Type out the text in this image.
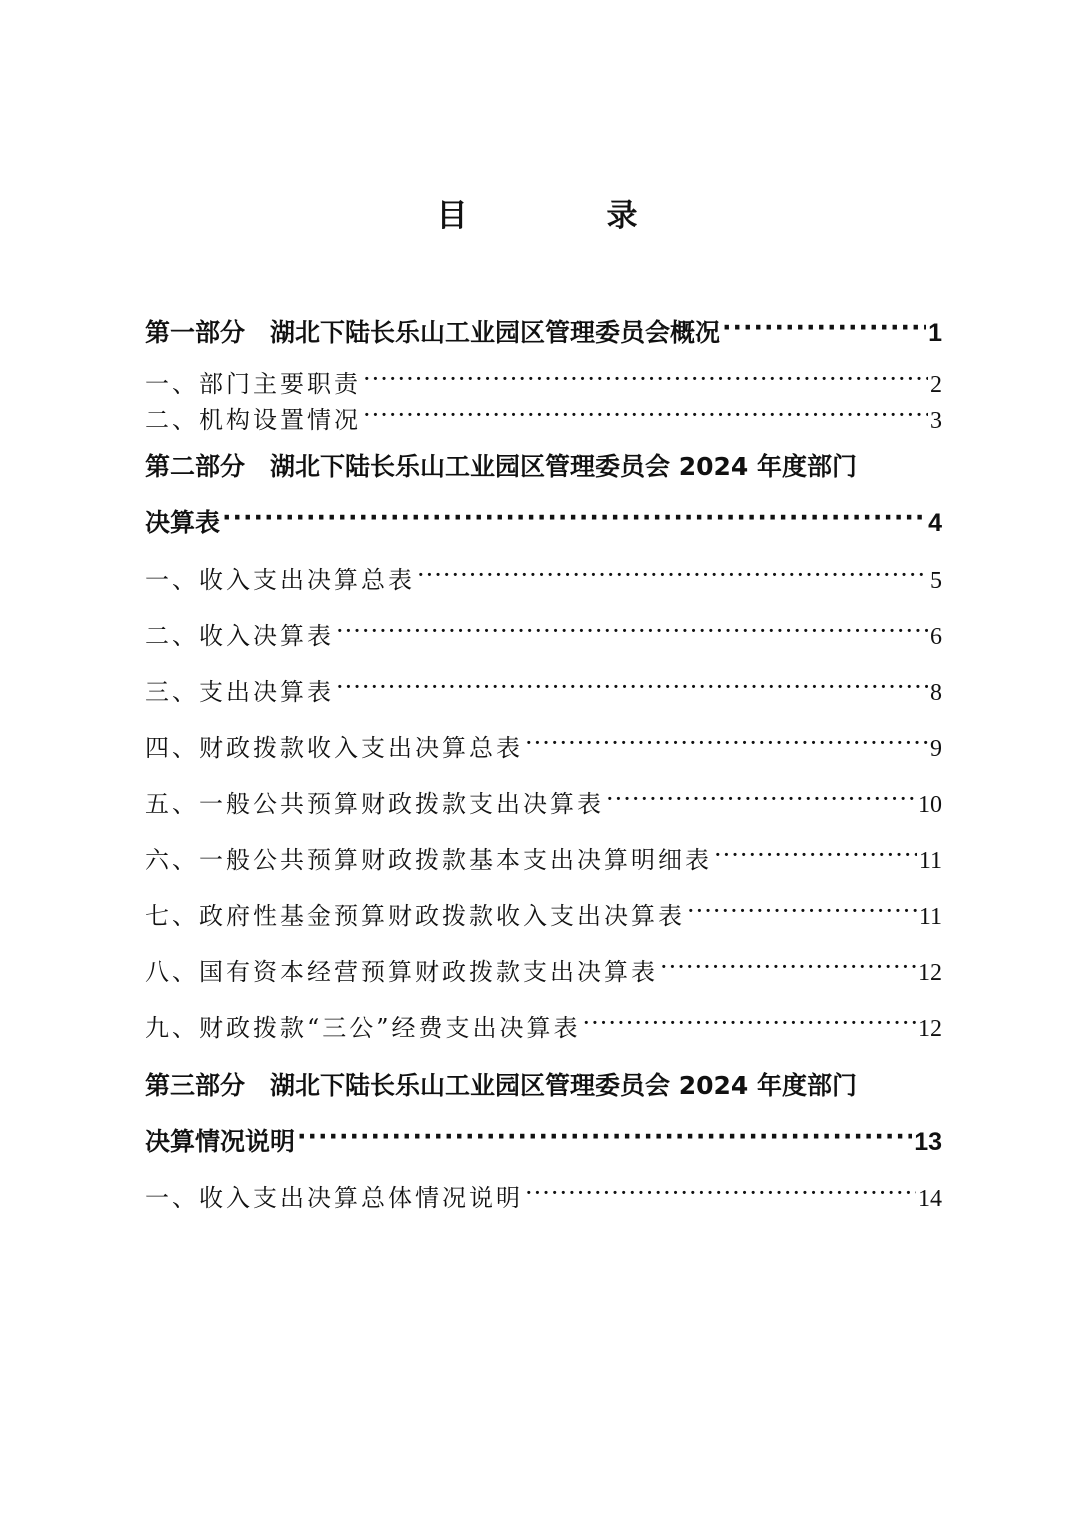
目　录
第一部分　湖北下陆长乐山工业园区管理委员会概况 ·····	1
一、部门主要职责 ·····	2
二、机构设置情况 ·····	3
第二部分　湖北下陆长乐山工业园区管理委员会 2024 年度部门
决算表 ·····	4
一、收入支出决算总表 ·····	5
二、收入决算表 ·····	6
三、支出决算表 ·····	8
四、财政拨款收入支出决算总表 ·····	9
五、一般公共预算财政拨款支出决算表 ·····	10
六、一般公共预算财政拨款基本支出决算明细表 ·····	11
七、政府性基金预算财政拨款收入支出决算表 ·····	11
八、国有资本经营预算财政拨款支出决算表 ·····	12
九、财政拨款“三公”经费支出决算表 ·····	12
第三部分　湖北下陆长乐山工业园区管理委员会 2024 年度部门
决算情况说明 ·····	13
一、收入支出决算总体情况说明 ·····	14
